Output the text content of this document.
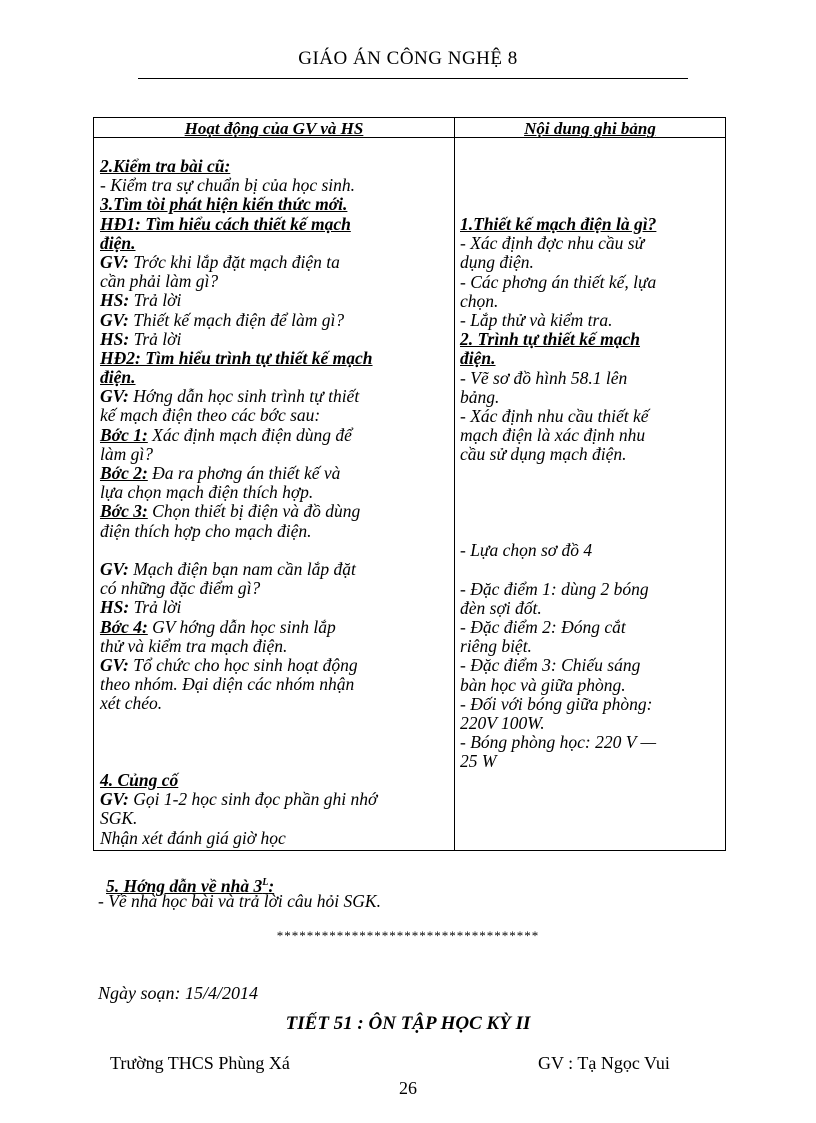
GIÁO ÁN CÔNG NGHỆ 8
Hoạt động của GV và HS	Nội dung ghi bảng
2.Kiểm tra bài cũ:
- Kiểm tra sự chuẩn bị của học sinh.
3.Tìm tòi phát hiện kiến thức mới.
HĐ1: Tìm hiểu cách thiết kế mạch
điện.
GV: Trớc khi lắp đặt mạch điện ta
cần phải làm gì?
HS: Trả lời
GV: Thiết kế mạch điện để làm gì?
HS: Trả lời
HĐ2: Tìm hiểu trình tự thiết kế mạch
điện.
GV: Hớng dẫn học sinh trình tự thiết
kế mạch điện theo các bớc sau:
Bớc 1: Xác định mạch điện dùng để
làm gì?
Bớc 2: Đa ra phơng án thiết kế và
lựa chọn mạch điện thích hợp.
Bớc 3: Chọn thiết bị điện và đồ dùng
điện thích hợp cho mạch điện.
GV: Mạch điện bạn nam cần lắp đặt
có những đặc điểm gì?
HS: Trả lời
Bớc 4: GV hớng dẫn học sinh lắp
thử và kiểm tra mạch điện.
GV: Tổ chức cho học sinh hoạt động
theo nhóm. Đại diện các nhóm nhận
xét chéo.
4. Củng cố
GV: Gọi 1-2 học sinh đọc phần ghi nhớ
SGK.
Nhận xét đánh giá giờ học
1.Thiết kế mạch điện là gì?
- Xác định đợc nhu cầu sử
dụng điện.
- Các phơng án thiết kế, lựa
chọn.
- Lắp thử và kiểm tra.
2. Trình tự thiết kế mạch
điện.
- Vẽ sơ đồ hình 58.1 lên
bảng.
- Xác định nhu cầu thiết kế
mạch điện là xác định nhu
cầu sử dụng mạch điện.
- Lựa chọn sơ đồ 4
- Đặc điểm 1: dùng 2 bóng
đèn sợi đốt.
- Đặc điểm 2: Đóng cắt
riêng biệt.
- Đặc điểm 3: Chiếu sáng
bàn học và giữa phòng.
- Đối với bóng giữa phòng:
220V 100W.
- Bóng phòng học: 220 V —
25 W
5. Hớng dẫn về nhà $3^L$:
- Về nhà học bài và trả lời câu hỏi SGK.
***********************************
Ngày soạn: 15/4/2014
TIẾT 51 : ÔN TẬP HỌC KỲ II
Trường THCS Phùng Xá	GV : Tạ Ngọc Vui
26
